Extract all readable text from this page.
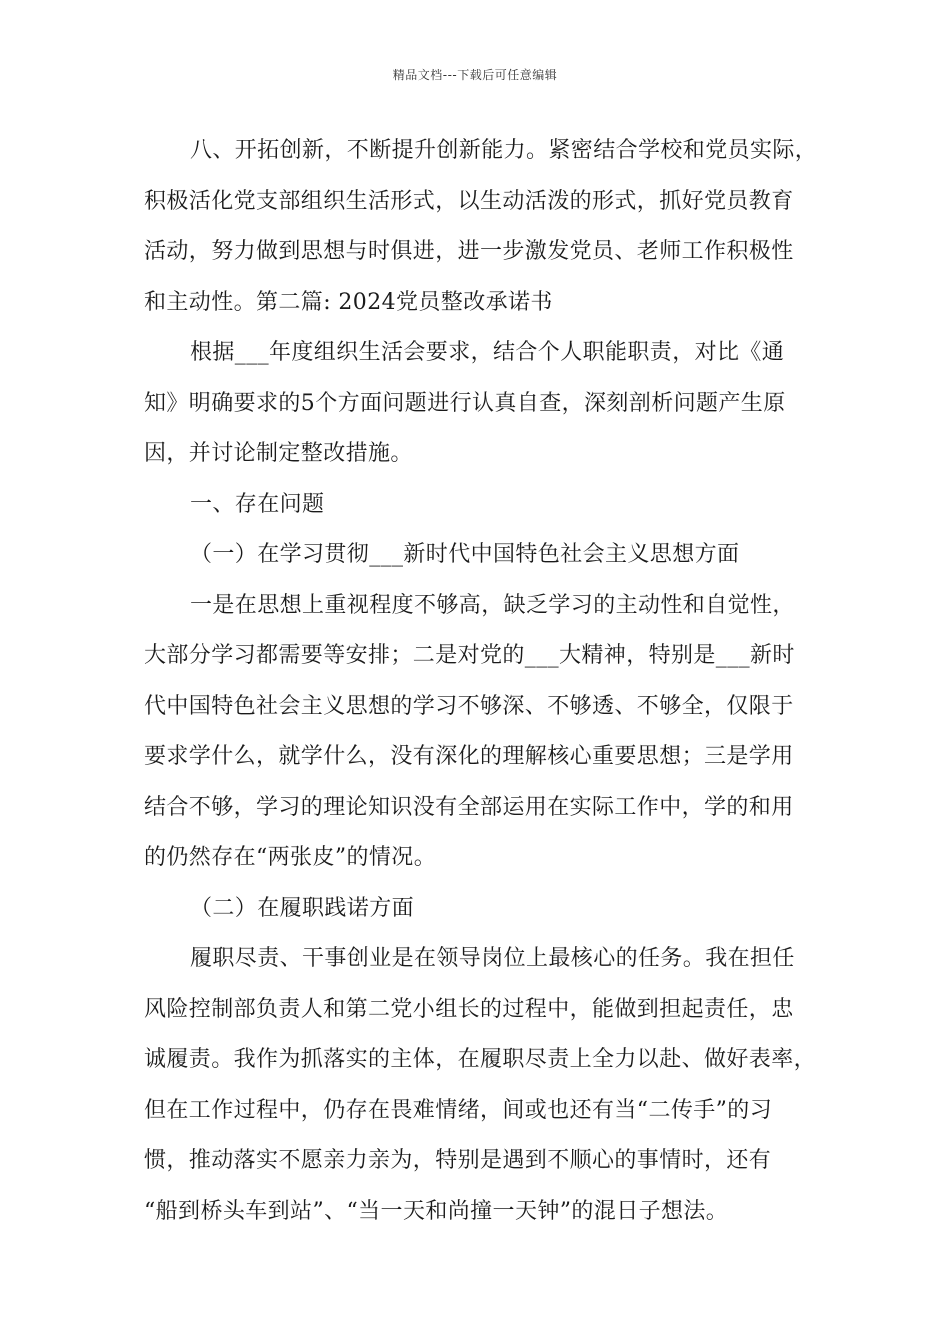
精品文档---下载后可任意编辑
八、开拓创新，不断提升创新能力。紧密结合学校和党员实际，
积极活化党支部组织生活形式，以生动活泼的形式，抓好党员教育
活动，努力做到思想与时俱进，进一步激发党员、老师工作积极性
和主动性。第二篇: 2024党员整改承诺书
根据___年度组织生活会要求，结合个人职能职责，对比《通
知》明确要求的5个方面问题进行认真自查，深刻剖析问题产生原
因，并讨论制定整改措施。
一、存在问题
（一）在学习贯彻___新时代中国特色社会主义思想方面
一是在思想上重视程度不够高，缺乏学习的主动性和自觉性，
大部分学习都需要等安排；二是对党的___大精神，特别是___新时
代中国特色社会主义思想的学习不够深、不够透、不够全，仅限于
要求学什么，就学什么，没有深化的理解核心重要思想；三是学用
结合不够，学习的理论知识没有全部运用在实际工作中，学的和用
的仍然存在“两张皮”的情况。
（二）在履职践诺方面
履职尽责、干事创业是在领导岗位上最核心的任务。我在担任
风险控制部负责人和第二党小组长的过程中，能做到担起责任，忠
诚履责。我作为抓落实的主体，在履职尽责上全力以赴、做好表率，
但在工作过程中，仍存在畏难情绪，间或也还有当“二传手”的习
惯，推动落实不愿亲力亲为，特别是遇到不顺心的事情时，还有
“船到桥头车到站”、“当一天和尚撞一天钟”的混日子想法。
